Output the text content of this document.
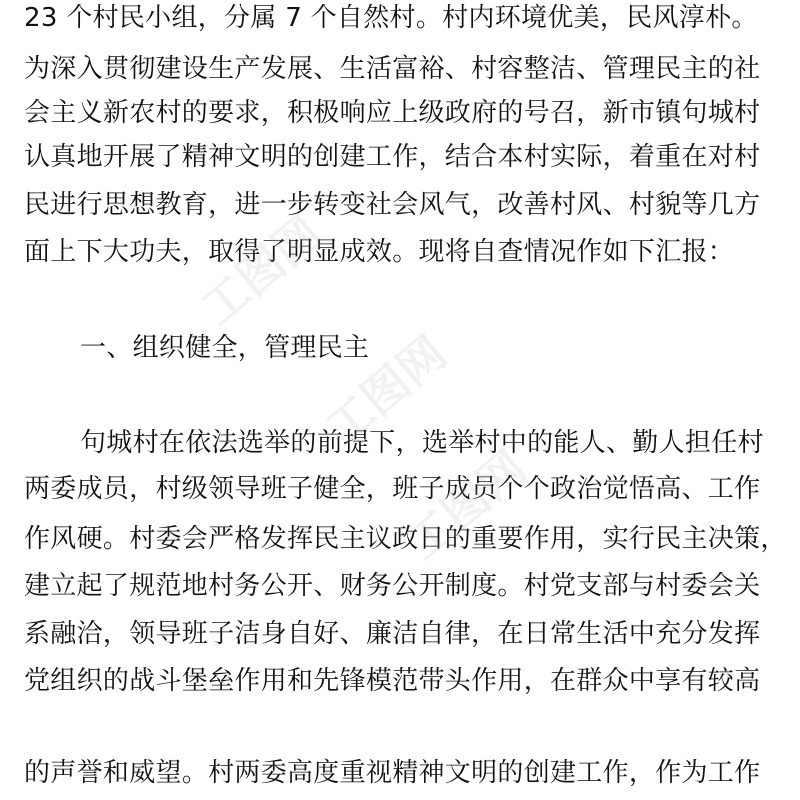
23 个村民小组，分属 7 个自然村。村内环境优美，民风淳朴。
为深入贯彻建设生产发展、生活富裕、村容整洁、管理民主的社
会主义新农村的要求，积极响应上级政府的号召，新市镇句城村
认真地开展了精神文明的创建工作，结合本村实际，着重在对村
民进行思想教育，进一步转变社会风气，改善村风、村貌等几方
面上下大功夫，取得了明显成效。现将自查情况作如下汇报：
一、组织健全，管理民主
句城村在依法选举的前提下，选举村中的能人、勤人担任村
两委成员，村级领导班子健全，班子成员个个政治觉悟高、工作
作风硬。村委会严格发挥民主议政日的重要作用，实行民主决策，
建立起了规范地村务公开、财务公开制度。村党支部与村委会关
系融洽，领导班子洁身自好、廉洁自律，在日常生活中充分发挥
党组织的战斗堡垒作用和先锋模范带头作用，在群众中享有较高
的声誉和威望。村两委高度重视精神文明的创建工作，作为工作
工图网
工图网
工图网
